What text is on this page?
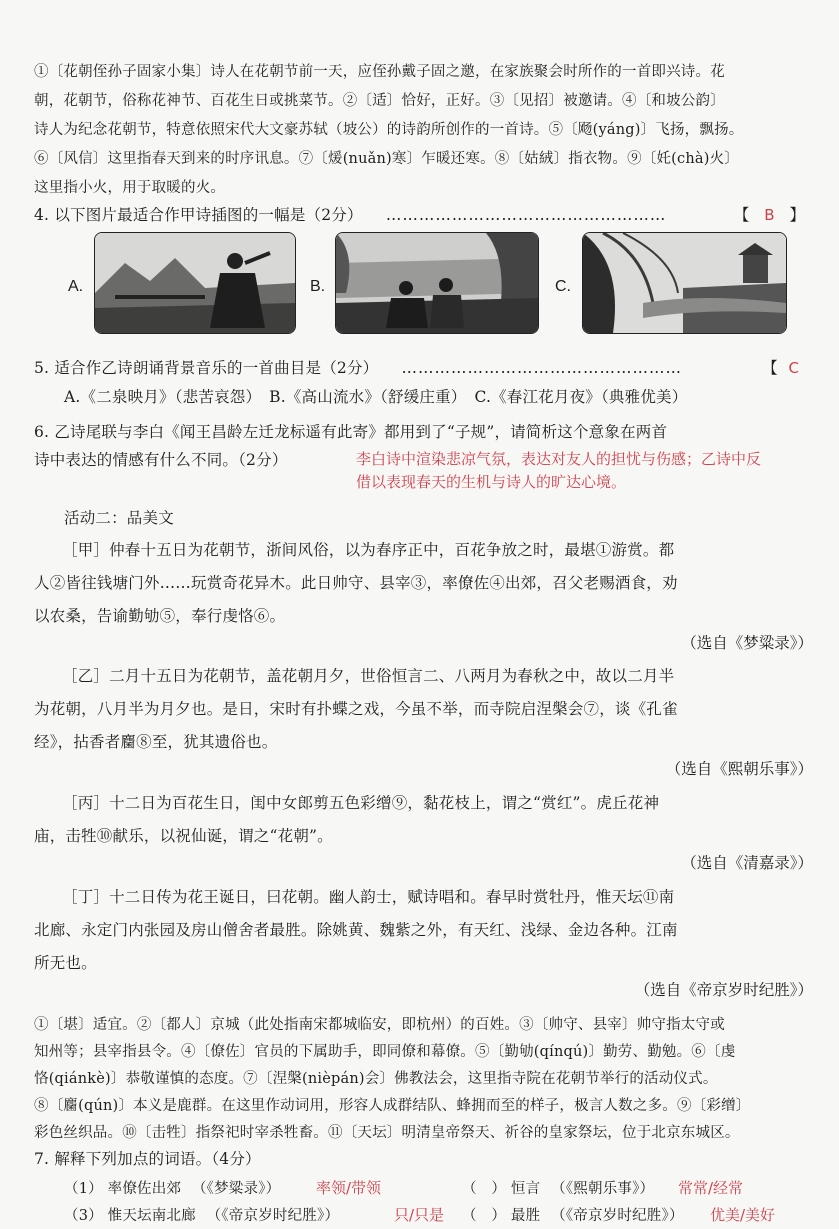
①〔花朝侄孙子固家小集〕诗人在花朝节前一天，应侄孙戴子固之邀，在家族聚会时所作的一首即兴诗。花
朝，花朝节，俗称花神节、百花生日或挑菜节。②〔适〕恰好，正好。③〔见招〕被邀请。④〔和坡公韵〕
诗人为纪念花朝节，特意依照宋代大文豪苏轼（坡公）的诗韵所创作的一首诗。⑤〔飏(yáng)〕飞扬，飘扬。
⑥〔风信〕这里指春天到来的时序讯息。⑦〔煖(nuǎn)寒〕乍暖还寒。⑧〔姑絨〕指衣物。⑨〔奼(chà)火〕
这里指小火，用于取暖的火。
4. 以下图片最适合作甲诗插图的一幅是（2分） ……………………………………………	【 B 】
A.	B.	C.
5. 适合作乙诗朗诵背景音乐的一首曲目是（2分） ……………………………………………	【 C
A.《二泉映月》（悲苦哀怨）　B.《高山流水》（舒缓庄重）　C.《春江花月夜》（典雅优美）
6. 乙诗尾联与李白《闻王昌龄左迁龙标遥有此寄》都用到了“子规”，请简析这个意象在两首
诗中表达的情感有什么不同。（2分）	李白诗中渲染悲凉气氛，表达对友人的担忧与伤感；乙诗中反
借以表现春天的生机与诗人的旷达心境。
活动二：品美文
［甲］仲春十五日为花朝节，浙间风俗，以为春序正中，百花争放之时，最堪①游赏。都
人②皆往钱塘门外……玩赏奇花异木。此日帅守、县宰③，率僚佐④出郊，召父老赐酒食，劝
以农桑，告谕勤劬⑤，奉行虔恪⑥。
（选自《梦粱录》）
［乙］二月十五日为花朝节，盖花朝月夕，世俗恒言二、八两月为春秋之中，故以二月半
为花朝，八月半为月夕也。是日，宋时有扑蝶之戏，今虽不举，而寺院启涅槃会⑦，谈《孔雀
经》，拈香者麕⑧至，犹其遗俗也。
（选自《熙朝乐事》）
［丙］十二日为百花生日，闺中女郎剪五色彩缯⑨，黏花枝上，谓之“赏红”。虎丘花神
庙，击牲⑩献乐，以祝仙诞，谓之“花朝”。
（选自《清嘉录》）
［丁］十二日传为花王诞日，曰花朝。幽人韵士，赋诗唱和。春早时赏牡丹，惟天坛⑪南
北廊、永定门内张园及房山僧舍者最胜。除姚黄、魏紫之外，有天红、浅绿、金边各种。江南
所无也。
（选自《帝京岁时纪胜》）
①〔堪〕适宜。②〔都人〕京城（此处指南宋都城临安，即杭州）的百姓。③〔帅守、县宰〕帅守指太守或
知州等；县宰指县令。④〔僚佐〕官员的下属助手，即同僚和幕僚。⑤〔勤劬(qínqú)〕勤劳、勤勉。⑥〔虔
恪(qiánkè)〕恭敬谨慎的态度。⑦〔涅槃(nièpán)会〕佛教法会，这里指寺院在花朝节举行的活动仪式。
⑧〔麕(qún)〕本义是鹿群。在这里作动词用，形容人成群结队、蜂拥而至的样子，极言人数之多。⑨〔彩缯〕
彩色丝织品。⑩〔击牲〕指祭祀时宰杀牲畜。⑪〔天坛〕明清皇帝祭天、祈谷的皇家祭坛，位于北京东城区。
7. 解释下列加点的词语。（4分）
（1） 率僚佐出郊 （《梦粱录》）	率领/带领	（　） 恒言 （《熙朝乐事》）	常常/经常
（3） 惟天坛南北廊 （《帝京岁时纪胜》）	只/只是 （　） 最胜 （《帝京岁时纪胜》）	优美/美好
